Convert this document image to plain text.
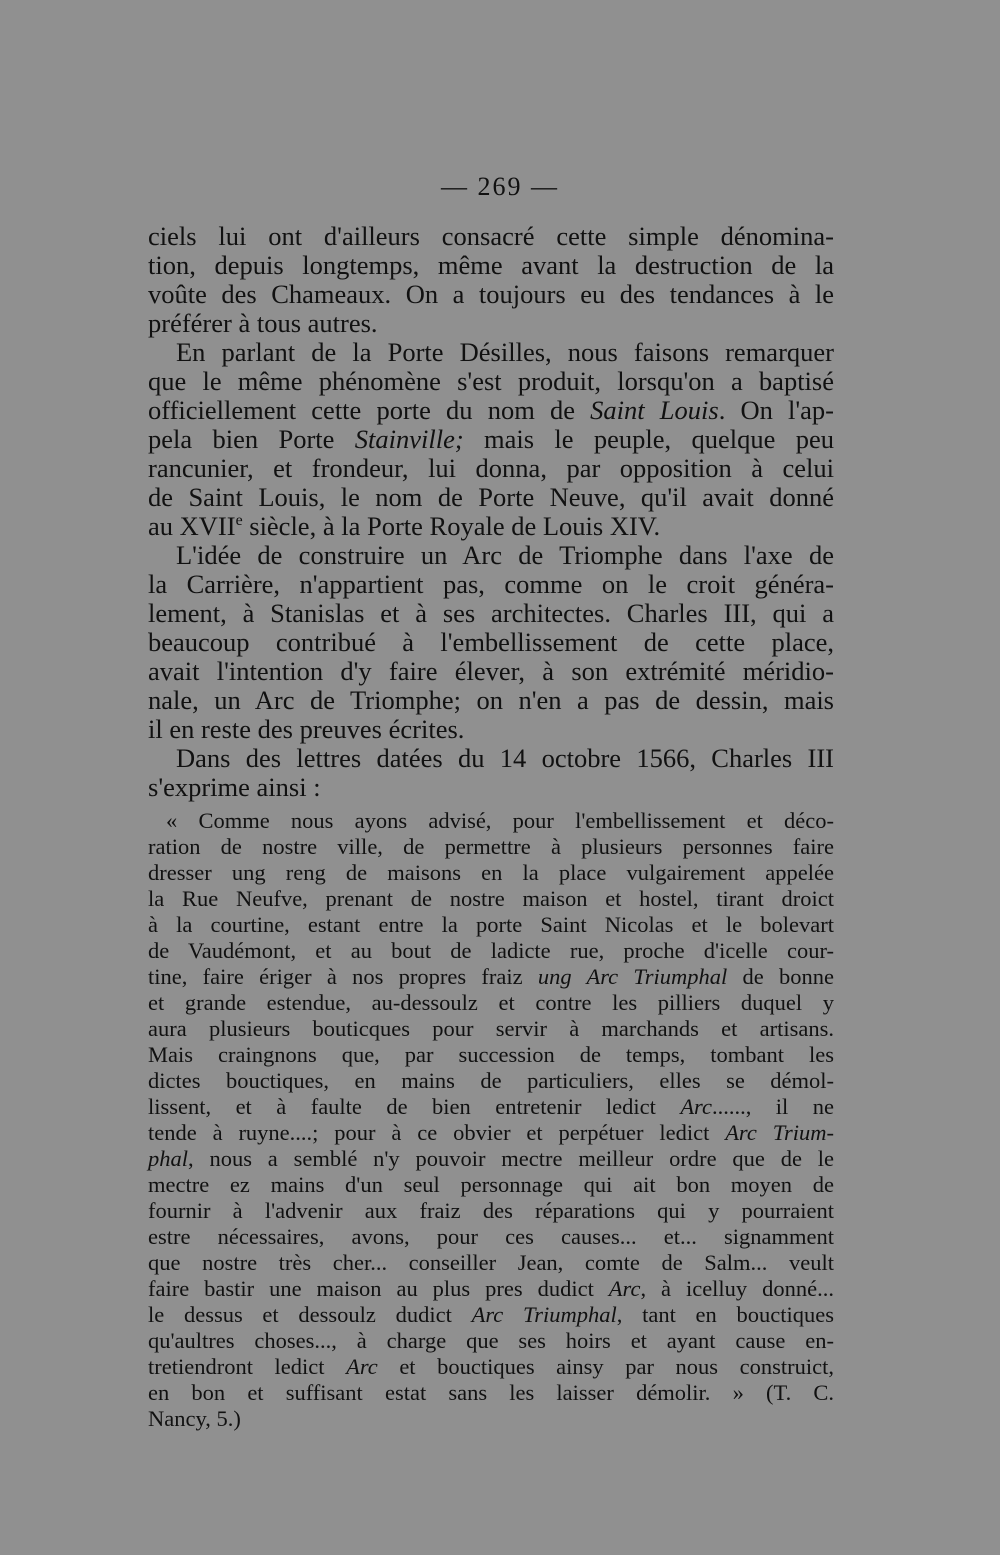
— 269 —
ciels lui ont d'ailleurs consacré cette simple dénomina-
tion, depuis longtemps, même avant la destruction de la
voûte des Chameaux. On a toujours eu des tendances à le
préférer à tous autres.
En parlant de la Porte Désilles, nous faisons remarquer
que le même phénomène s'est produit, lorsqu'on a baptisé
officiellement cette porte du nom de Saint Louis. On l'ap-
pela bien Porte Stainville; mais le peuple, quelque peu
rancunier, et frondeur, lui donna, par opposition à celui
de Saint Louis, le nom de Porte Neuve, qu'il avait donné
au XVIIe siècle, à la Porte Royale de Louis XIV.
L'idée de construire un Arc de Triomphe dans l'axe de
la Carrière, n'appartient pas, comme on le croit généra-
lement, à Stanislas et à ses architectes. Charles III, qui a
beaucoup contribué à l'embellissement de cette place,
avait l'intention d'y faire élever, à son extrémité méridio-
nale, un Arc de Triomphe; on n'en a pas de dessin, mais
il en reste des preuves écrites.
Dans des lettres datées du 14 octobre 1566, Charles III
s'exprime ainsi :
« Comme nous ayons advisé, pour l'embellissement et déco-
ration de nostre ville, de permettre à plusieurs personnes faire
dresser ung reng de maisons en la place vulgairement appelée
la Rue Neufve, prenant de nostre maison et hostel, tirant droict
à la courtine, estant entre la porte Saint Nicolas et le bolevart
de Vaudémont, et au bout de ladicte rue, proche d'icelle cour-
tine, faire ériger à nos propres fraiz ung Arc Triumphal de bonne
et grande estendue, au-dessoulz et contre les pilliers duquel y
aura plusieurs bouticques pour servir à marchands et artisans.
Mais craingnons que, par succession de temps, tombant les
dictes bouctiques, en mains de particuliers, elles se démol-
lissent, et à faulte de bien entretenir ledict Arc......, il ne
tende à ruyne....; pour à ce obvier et perpétuer ledict Arc Trium-
phal, nous a semblé n'y pouvoir mectre meilleur ordre que de le
mectre ez mains d'un seul personnage qui ait bon moyen de
fournir à l'advenir aux fraiz des réparations qui y pourraient
estre nécessaires, avons, pour ces causes... et... signamment
que nostre très cher... conseiller Jean, comte de Salm... veult
faire bastir une maison au plus pres dudict Arc, à icelluy donné...
le dessus et dessoulz dudict Arc Triumphal, tant en bouctiques
qu'aultres choses..., à charge que ses hoirs et ayant cause en-
tretiendront ledict Arc et bouctiques ainsy par nous construict,
en bon et suffisant estat sans les laisser démolir. » (T. C.
Nancy, 5.)
